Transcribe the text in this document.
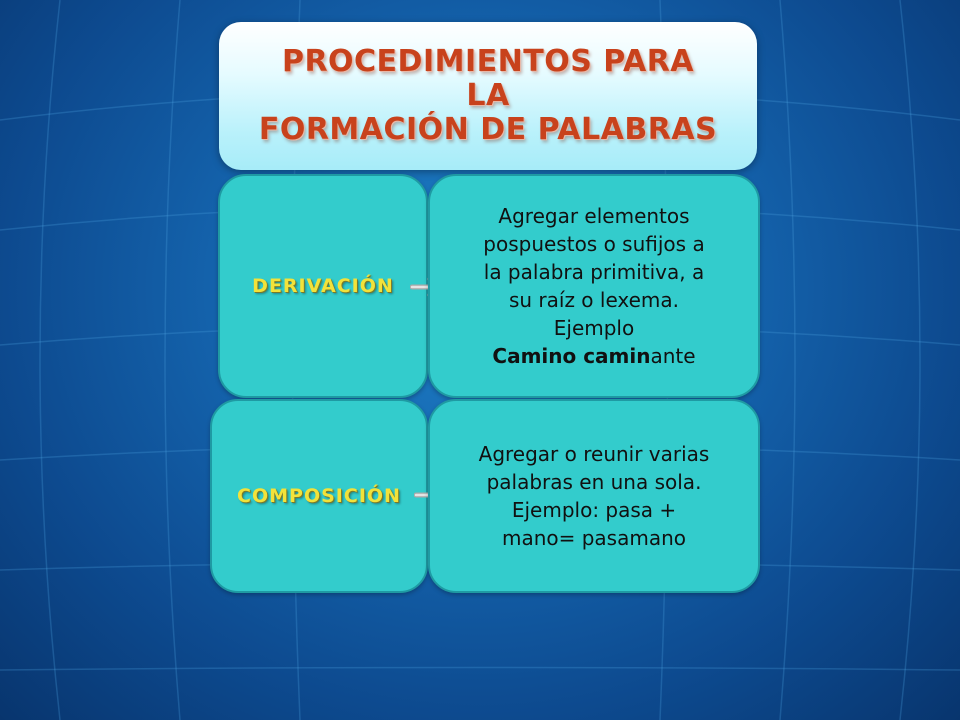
PROCEDIMIENTOS PARA LA
FORMACIÓN DE PALABRAS
DERIVACIÓN
Agregar elementos
pospuestos o sufijos a
la palabra primitiva, a
su raíz o lexema.
Ejemplo
Camino caminante
COMPOSICIÓN
Agregar o reunir varias
palabras en una sola.
Ejemplo: pasa +
mano= pasamano
